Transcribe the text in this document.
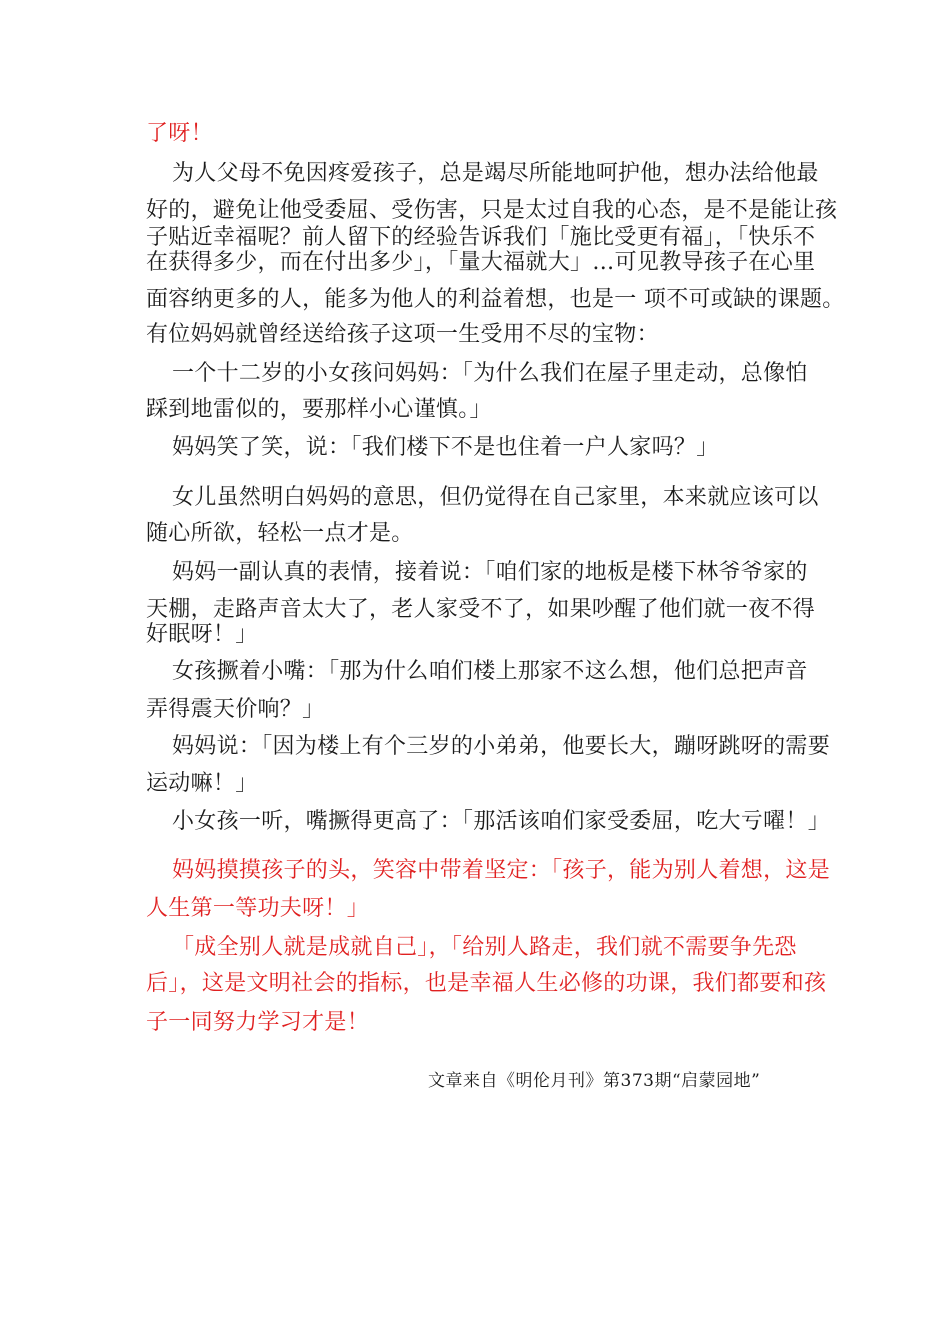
了呀！
为人父母不免因疼爱孩子，总是竭尽所能地呵护他，想办法给他最
好的，避免让他受委屈、受伤害，只是太过自我的心态，是不是能让孩
子贴近幸福呢？前人留下的经验告诉我们「施比受更有福」，「快乐不
在获得多少，而在付出多少」，「量大福就大」…可见教导孩子在心里
面容纳更多的人，能多为他人的利益着想，也是一 项不可或缺的课题。
有位妈妈就曾经送给孩子这项一生受用不尽的宝物：
一个十二岁的小女孩问妈妈：「为什么我们在屋子里走动，总像怕
踩到地雷似的，要那样小心谨慎。」
妈妈笑了笑，说：「我们楼下不是也住着一户人家吗？」
女儿虽然明白妈妈的意思，但仍觉得在自己家里，本来就应该可以
随心所欲，轻松一点才是。
妈妈一副认真的表情，接着说：「咱们家的地板是楼下林爷爷家的
天棚，走路声音太大了，老人家受不了，如果吵醒了他们就一夜不得
好眠呀！」
女孩撅着小嘴：「那为什么咱们楼上那家不这么想，他们总把声音
弄得震天价响？」
妈妈说：「因为楼上有个三岁的小弟弟，他要长大，蹦呀跳呀的需要
运动嘛！」
小女孩一听，嘴撅得更高了：「那活该咱们家受委屈，吃大亏嚁！」
妈妈摸摸孩子的头，笑容中带着坚定：「孩子，能为别人着想，这是
人生第一等功夫呀！」
「成全别人就是成就自己」，「给别人路走，我们就不需要争先恐
后」，这是文明社会的指标，也是幸福人生必修的功课，我们都要和孩
子一同努力学习才是！
文章来自《明伦月刊》第373期“启蒙园地”
